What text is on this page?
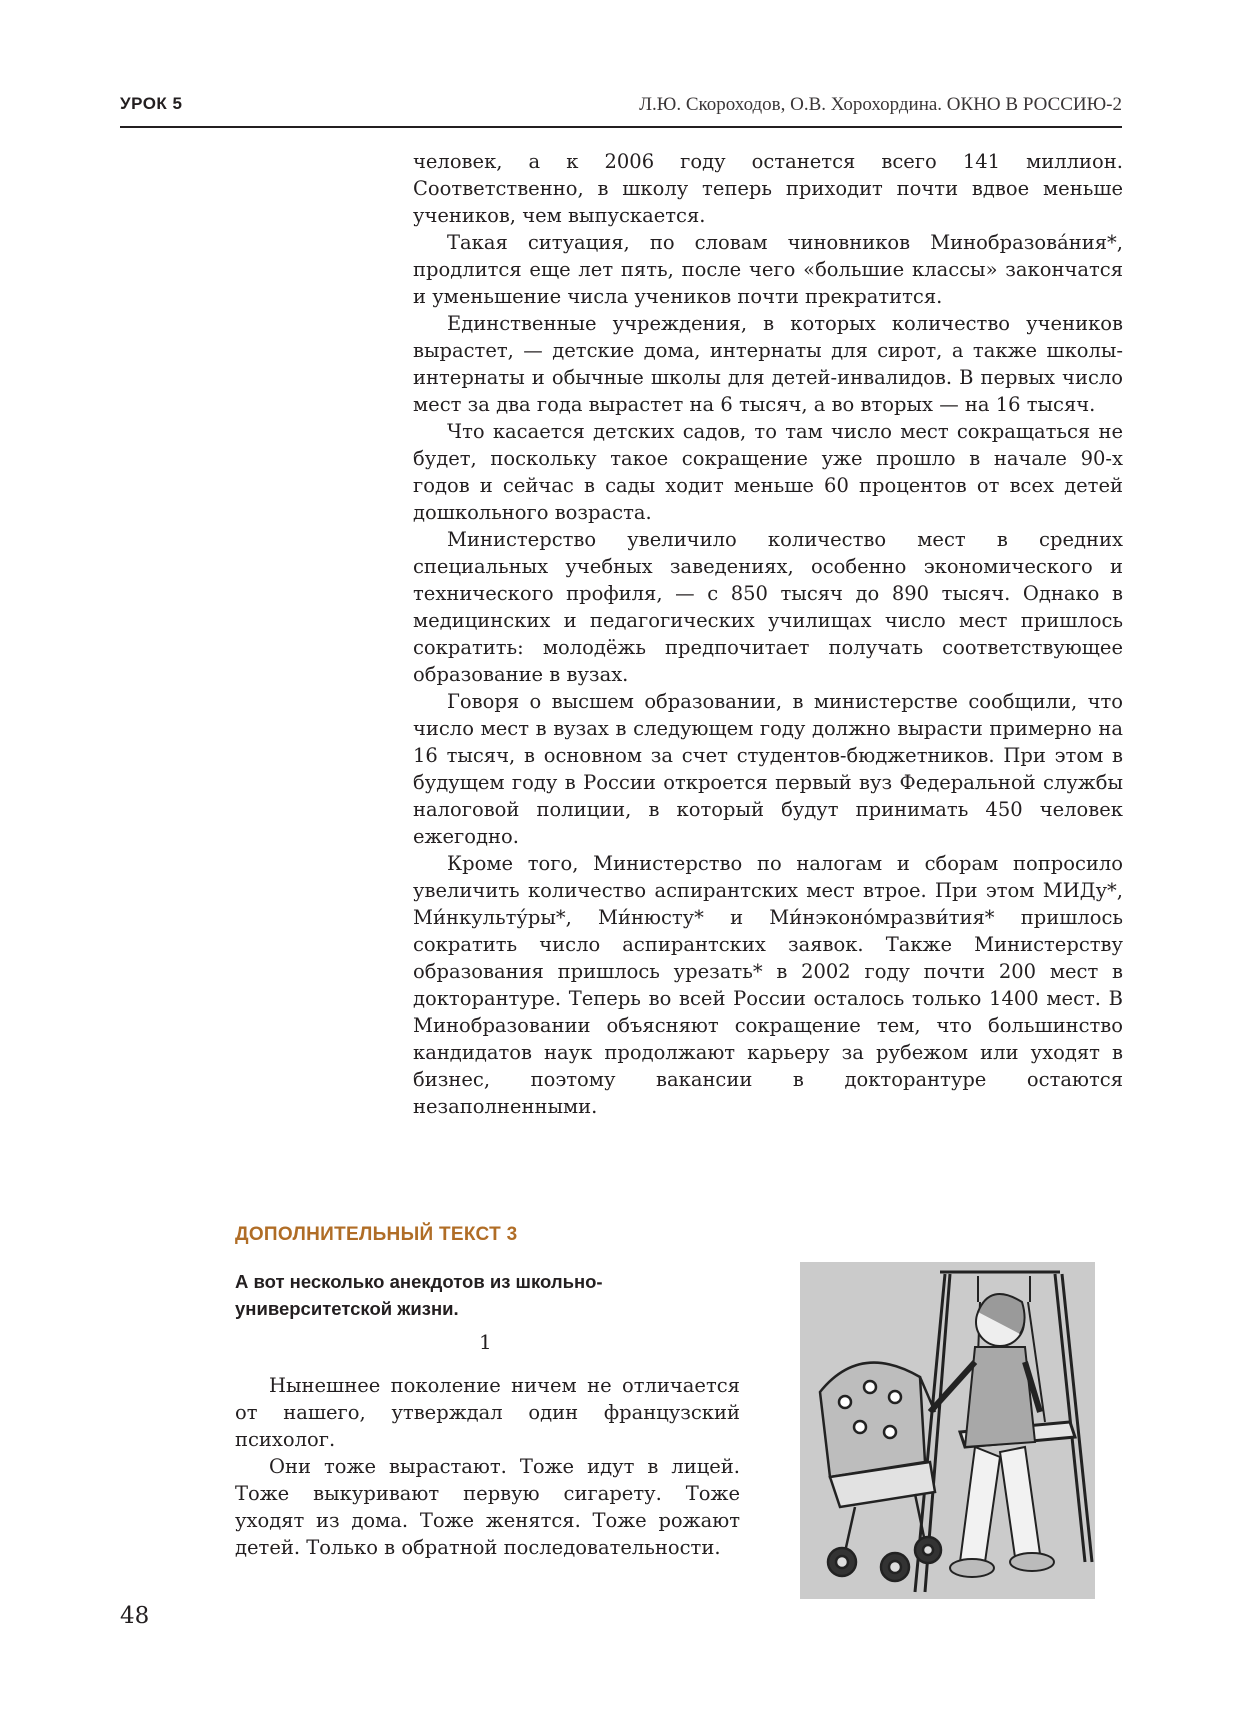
УРОК 5	Л.Ю. Скороходов, О.В. Хорохордина. ОКНО В РОССИЮ-2

человек, а к 2006 году останется всего 141 миллион. Соответственно, в школу теперь приходит почти вдвое меньше учеников, чем выпускается.

Такая ситуация, по словам чиновников Минобразова́ния*, продлится еще лет пять, после чего «большие классы» закончатся и уменьшение числа учеников почти прекратится.

Единственные учреждения, в которых количество учеников вырастет, — детские дома, интернаты для сирот, а также школы-интернаты и обычные школы для детей-инвалидов. В первых число мест за два года вырастет на 6 тысяч, а во вторых — на 16 тысяч.

Что касается детских садов, то там число мест сокращаться не будет, поскольку такое сокращение уже прошло в начале 90-х годов и сейчас в сады ходит меньше 60 процентов от всех детей дошкольного возраста.

Министерство увеличило количество мест в средних специальных учебных заведениях, особенно экономического и технического профиля, — с 850 тысяч до 890 тысяч. Однако в медицинских и педагогических училищах число мест пришлось сократить: молодёжь предпочитает получать соответствующее образование в вузах.

Говоря о высшем образовании, в министерстве сообщили, что число мест в вузах в следующем году должно вырасти примерно на 16 тысяч, в основном за счет студентов-бюджетников. При этом в будущем году в России откроется первый вуз Федеральной службы налоговой полиции, в который будут принимать 450 человек ежегодно.

Кроме того, Министерство по налогам и сборам попросило увеличить количество аспирантских мест втрое. При этом МИДу*, Ми́нкульту́ры*, Ми́нюсту* и Ми́нэконо́мразви́тия* пришлось сократить число аспирантских заявок. Также Министерству образования пришлось урезать* в 2002 году почти 200 мест в докторантуре. Теперь во всей России осталось только 1400 мест. В Минобразовании объясняют сокращение тем, что большинство кандидатов наук продолжают карьеру за рубежом или уходят в бизнес, поэтому вакансии в докторантуре остаются незаполненными.

ДОПОЛНИТЕЛЬНЫЙ ТЕКСТ 3
А вот несколько анекдотов из школьно-университетской жизни.
1

Нынешнее поколение ничем не отличается от нашего, утверждал один французский психолог.

Они тоже вырастают. Тоже идут в лицей. Тоже выкуривают первую сигарету. Тоже уходят из дома. Тоже женятся. Тоже рожают детей. Только в обратной последовательности.

48
